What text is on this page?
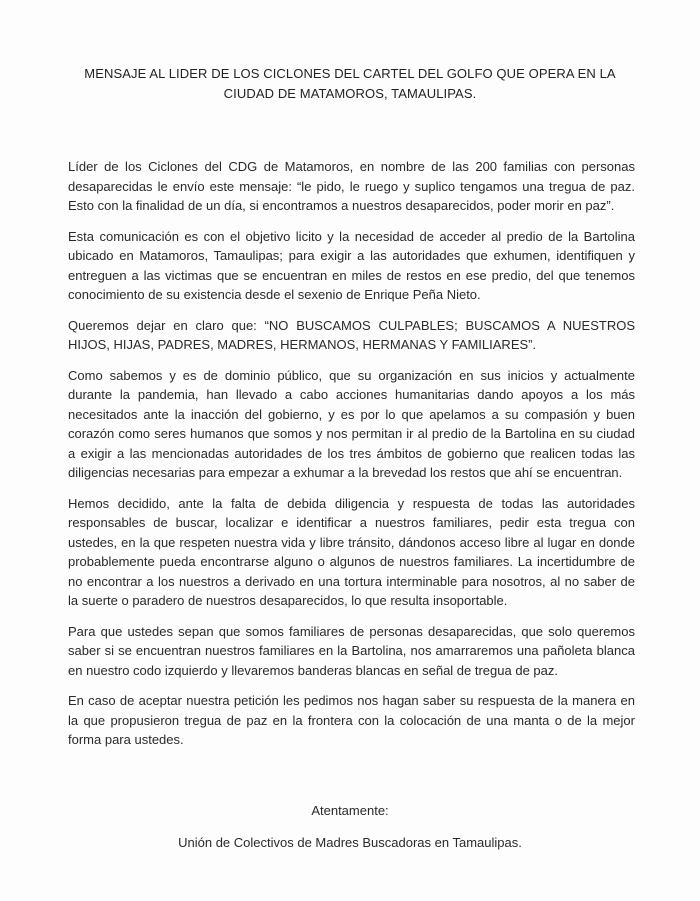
MENSAJE AL LIDER DE LOS CICLONES DEL CARTEL DEL GOLFO QUE OPERA EN LA CIUDAD DE MATAMOROS, TAMAULIPAS.

Líder de los Ciclones del CDG de Matamoros, en nombre de las 200 familias con personas desaparecidas le envío este mensaje: “le pido, le ruego y suplico tengamos una tregua de paz. Esto con la finalidad de un día, si encontramos a nuestros desaparecidos, poder morir en paz”.

Esta comunicación es con el objetivo licito y la necesidad de acceder al predio de la Bartolina ubicado en Matamoros, Tamaulipas; para exigir a las autoridades que exhumen, identifiquen y entreguen a las victimas que se encuentran en miles de restos en ese predio, del que tenemos conocimiento de su existencia desde el sexenio de Enrique Peña Nieto.

Queremos dejar en claro que: “NO BUSCAMOS CULPABLES; BUSCAMOS A NUESTROS HIJOS, HIJAS, PADRES, MADRES, HERMANOS, HERMANAS Y FAMILIARES”.

Como sabemos y es de dominio público, que su organización en sus inicios y actualmente durante la pandemia, han llevado a cabo acciones humanitarias dando apoyos a los más necesitados ante la inacción del gobierno, y es por lo que apelamos a su compasión y buen corazón como seres humanos que somos y nos permitan ir al predio de la Bartolina en su ciudad a exigir a las mencionadas autoridades de los tres ámbitos de gobierno que realicen todas las diligencias necesarias para empezar a exhumar a la brevedad los restos que ahí se encuentran.

Hemos decidido, ante la falta de debida diligencia y respuesta de todas las autoridades responsables de buscar, localizar e identificar a nuestros familiares, pedir esta tregua con ustedes, en la que respeten nuestra vida y libre tránsito, dándonos acceso libre al lugar en donde probablemente pueda encontrarse alguno o algunos de nuestros familiares. La incertidumbre de no encontrar a los nuestros a derivado en una tortura interminable para nosotros, al no saber de la suerte o paradero de nuestros desaparecidos, lo que resulta insoportable.

Para que ustedes sepan que somos familiares de personas desaparecidas, que solo queremos saber si se encuentran nuestros familiares en la Bartolina, nos amarraremos una pañoleta blanca en nuestro codo izquierdo y llevaremos banderas blancas en señal de tregua de paz.

En caso de aceptar nuestra petición les pedimos nos hagan saber su respuesta de la manera en la que propusieron tregua de paz en la frontera con la colocación de una manta o de la mejor forma para ustedes.

Atentamente:
Unión de Colectivos de Madres Buscadoras en Tamaulipas.
